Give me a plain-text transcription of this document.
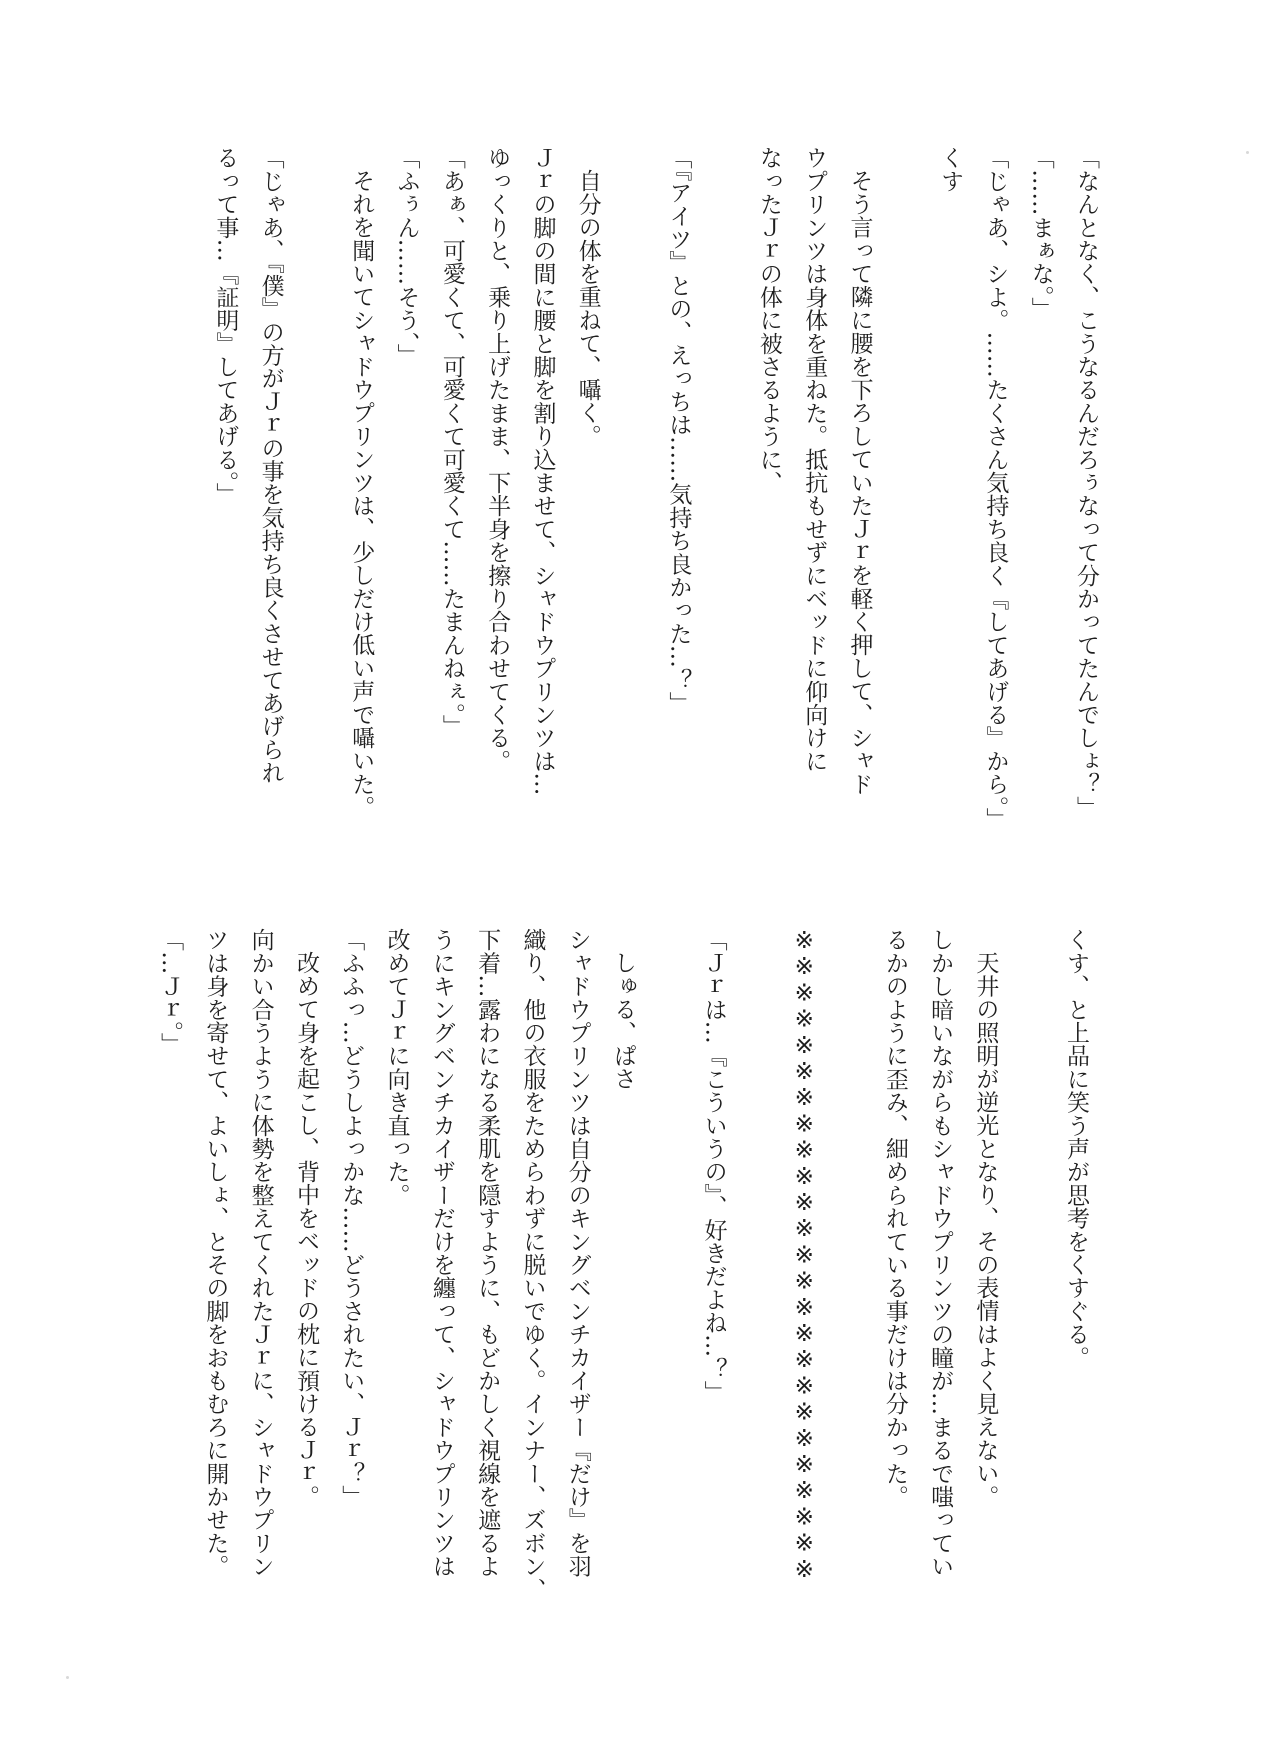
「なんとなく、こうなるんだろぅなって分かってたんでしょ？」
「……まぁな。」
「じゃあ、シよ。……たくさん気持ち良く『してあげる』から。」
くす
そう言って隣に腰を下ろしていたＪｒを軽く押して、シャド
ウプリンツは身体を重ねた。抵抗もせずにベッドに仰向けに
なったＪｒの体に被さるように、
「『アイツ』との、えっちは……気持ち良かった…？」
自分の体を重ねて、囁く。
Ｊｒの脚の間に腰と脚を割り込ませて、シャドウプリンツは…
ゆっくりと、乗り上げたまま、下半身を擦り合わせてくる。
「あぁ、可愛くて、可愛くて可愛くて……たまんねぇ。」
「ふぅん……そう、」
それを聞いてシャドウプリンツは、少しだけ低い声で囁いた。
「じゃあ、『僕』の方がＪｒの事を気持ち良くさせてあげられ
るって事…『証明』してあげる。」
くす、と上品に笑う声が思考をくすぐる。
天井の照明が逆光となり、その表情はよく見えない。
しかし暗いながらもシャドウプリンツの瞳が…まるで嗤ってい
るかのように歪み、細められている事だけは分かった。
※※※※※※※※※※※※※※※※※※※※※※※※※
「Ｊｒは…『こういうの』、好きだよね…？」
しゅる、ぱさ
シャドウプリンツは自分のキングベンチカイザー『だけ』を羽
織り、他の衣服をためらわずに脱いでゆく。インナー、ズボン、
下着…露わになる柔肌を隠すように、もどかしく視線を遮るよ
うにキングベンチカイザーだけを纏って、シャドウプリンツは
改めてＪｒに向き直った。
「ふふっ…どうしよっかな……どうされたい、Ｊｒ？」
改めて身を起こし、背中をベッドの枕に預けるＪｒ。
向かい合うように体勢を整えてくれたＪｒに、シャドウプリン
ツは身を寄せて、よいしょ、とその脚をおもむろに開かせた。
「…Ｊｒ。」
